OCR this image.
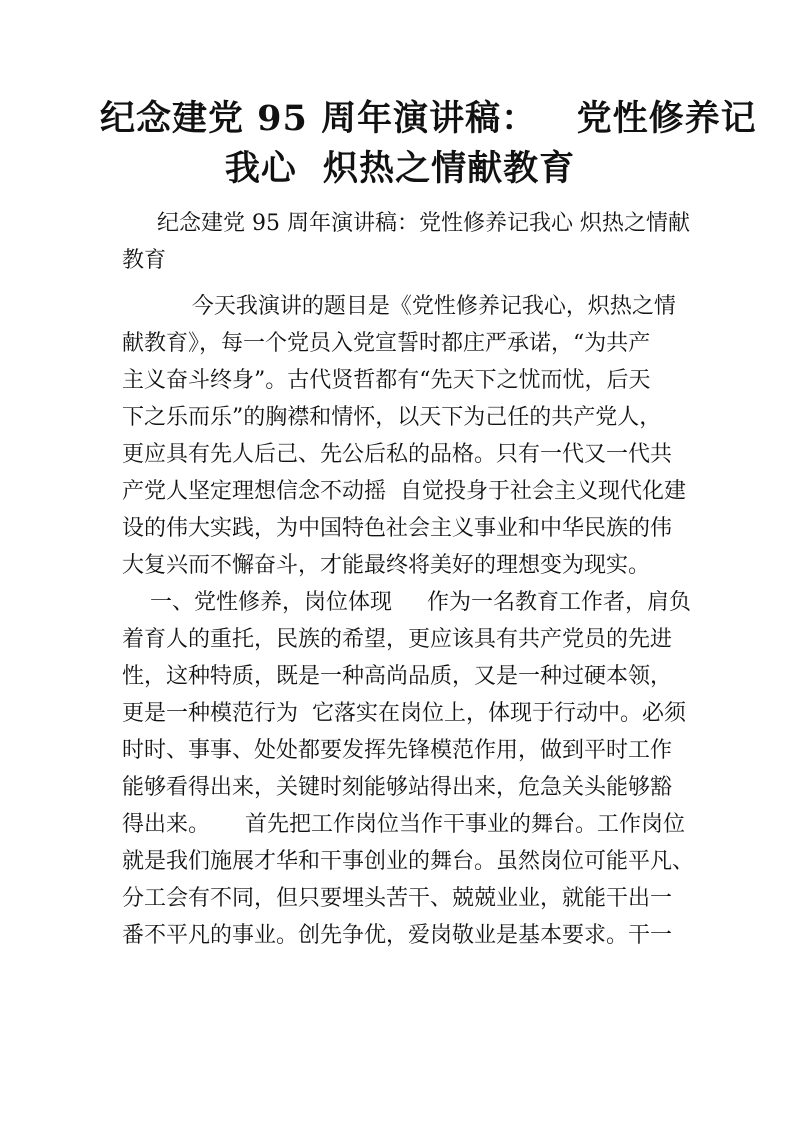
纪念建党 95 周年演讲稿：   党性修养记
我心  炽热之情献教育
纪念建党 95 周年演讲稿：党性修养记我心 炽热之情献
教育
今天我演讲的题目是《党性修养记我心，炽热之情
献教育》，每一个党员入党宣誓时都庄严承诺，“为共产
主义奋斗终身”。古代贤哲都有“先天下之忧而忧，后天
下之乐而乐”的胸襟和情怀，以天下为己任的共产党人，
更应具有先人后己、先公后私的品格。只有一代又一代共
产党人坚定理想信念不动摇  自觉投身于社会主义现代化建
设的伟大实践，为中国特色社会主义事业和中华民族的伟
大复兴而不懈奋斗，才能最终将美好的理想变为现实。
一、党性修养，岗位体现     作为一名教育工作者，肩负
着育人的重托，民族的希望，更应该具有共产党员的先进
性，这种特质，既是一种高尚品质，又是一种过硬本领，
更是一种模范行为  它落实在岗位上，体现于行动中。必须
时时、事事、处处都要发挥先锋模范作用，做到平时工作
能够看得出来，关键时刻能够站得出来，危急关头能够豁
得出来。     首先把工作岗位当作干事业的舞台。工作岗位
就是我们施展才华和干事创业的舞台。虽然岗位可能平凡、
分工会有不同，但只要埋头苦干、兢兢业业，就能干出一
番不平凡的事业。创先争优，爱岗敬业是基本要求。干一
